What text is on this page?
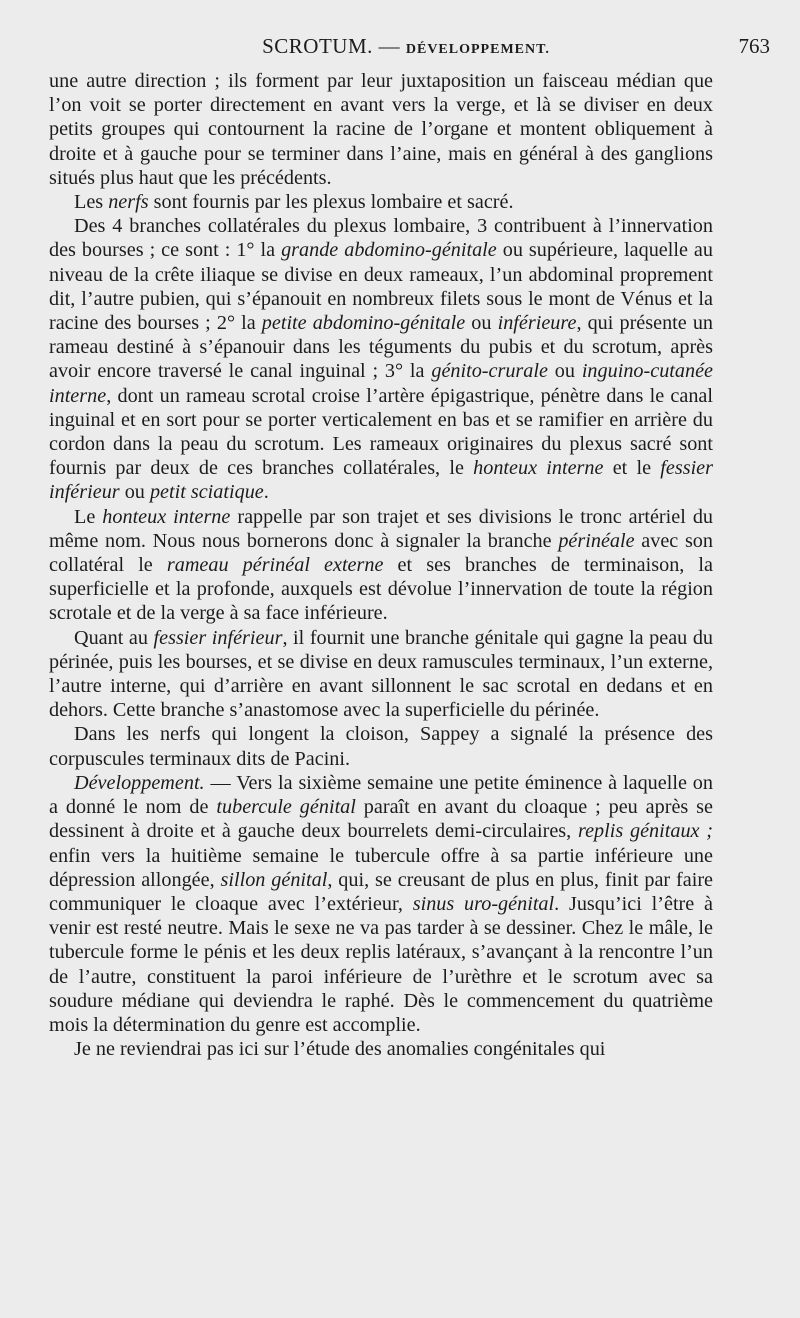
SCROTUM. — DÉVELOPPEMENT.	763

une autre direction ; ils forment par leur juxtaposition un faisceau médian que l’on voit se porter directement en avant vers la verge, et là se diviser en deux petits groupes qui contournent la racine de l’organe et montent obliquement à droite et à gauche pour se terminer dans l’aine, mais en général à des ganglions situés plus haut que les précédents.

Les nerfs sont fournis par les plexus lombaire et sacré.

Des 4 branches collatérales du plexus lombaire, 3 contribuent à l’innervation des bourses ; ce sont : 1° la grande abdomino-génitale ou supérieure, laquelle au niveau de la crête iliaque se divise en deux rameaux, l’un abdominal proprement dit, l’autre pubien, qui s’épanouit en nombreux filets sous le mont de Vénus et la racine des bourses ; 2° la petite abdomino-génitale ou inférieure, qui présente un rameau destiné à s’épanouir dans les téguments du pubis et du scrotum, après avoir encore traversé le canal inguinal ; 3° la génito-crurale ou inguino-cutanée interne, dont un rameau scrotal croise l’artère épigastrique, pénètre dans le canal inguinal et en sort pour se porter verticalement en bas et se ramifier en arrière du cordon dans la peau du scrotum. Les rameaux originaires du plexus sacré sont fournis par deux de ces branches collatérales, le honteux interne et le fessier inférieur ou petit sciatique.

Le honteux interne rappelle par son trajet et ses divisions le tronc artériel du même nom. Nous nous bornerons donc à signaler la branche périnéale avec son collatéral le rameau périnéal externe et ses branches de terminaison, la superficielle et la profonde, auxquels est dévolue l’innervation de toute la région scrotale et de la verge à sa face inférieure.

Quant au fessier inférieur, il fournit une branche génitale qui gagne la peau du périnée, puis les bourses, et se divise en deux ramuscules terminaux, l’un externe, l’autre interne, qui d’arrière en avant sillonnent le sac scrotal en dedans et en dehors. Cette branche s’anastomose avec la superficielle du périnée.

Dans les nerfs qui longent la cloison, Sappey a signalé la présence des corpuscules terminaux dits de Pacini.

Développement. — Vers la sixième semaine une petite éminence à laquelle on a donné le nom de tubercule génital paraît en avant du cloaque ; peu après se dessinent à droite et à gauche deux bourrelets demi-circulaires, replis génitaux ; enfin vers la huitième semaine le tubercule offre à sa partie inférieure une dépression allongée, sillon génital, qui, se creusant de plus en plus, finit par faire communiquer le cloaque avec l’extérieur, sinus uro-génital. Jusqu’ici l’être à venir est resté neutre. Mais le sexe ne va pas tarder à se dessiner. Chez le mâle, le tubercule forme le pénis et les deux replis latéraux, s’avançant à la rencontre l’un de l’autre, constituent la paroi inférieure de l’urèthre et le scrotum avec sa soudure médiane qui deviendra le raphé. Dès le commencement du quatrième mois la détermination du genre est accomplie.

Je ne reviendrai pas ici sur l’étude des anomalies congénitales qui
